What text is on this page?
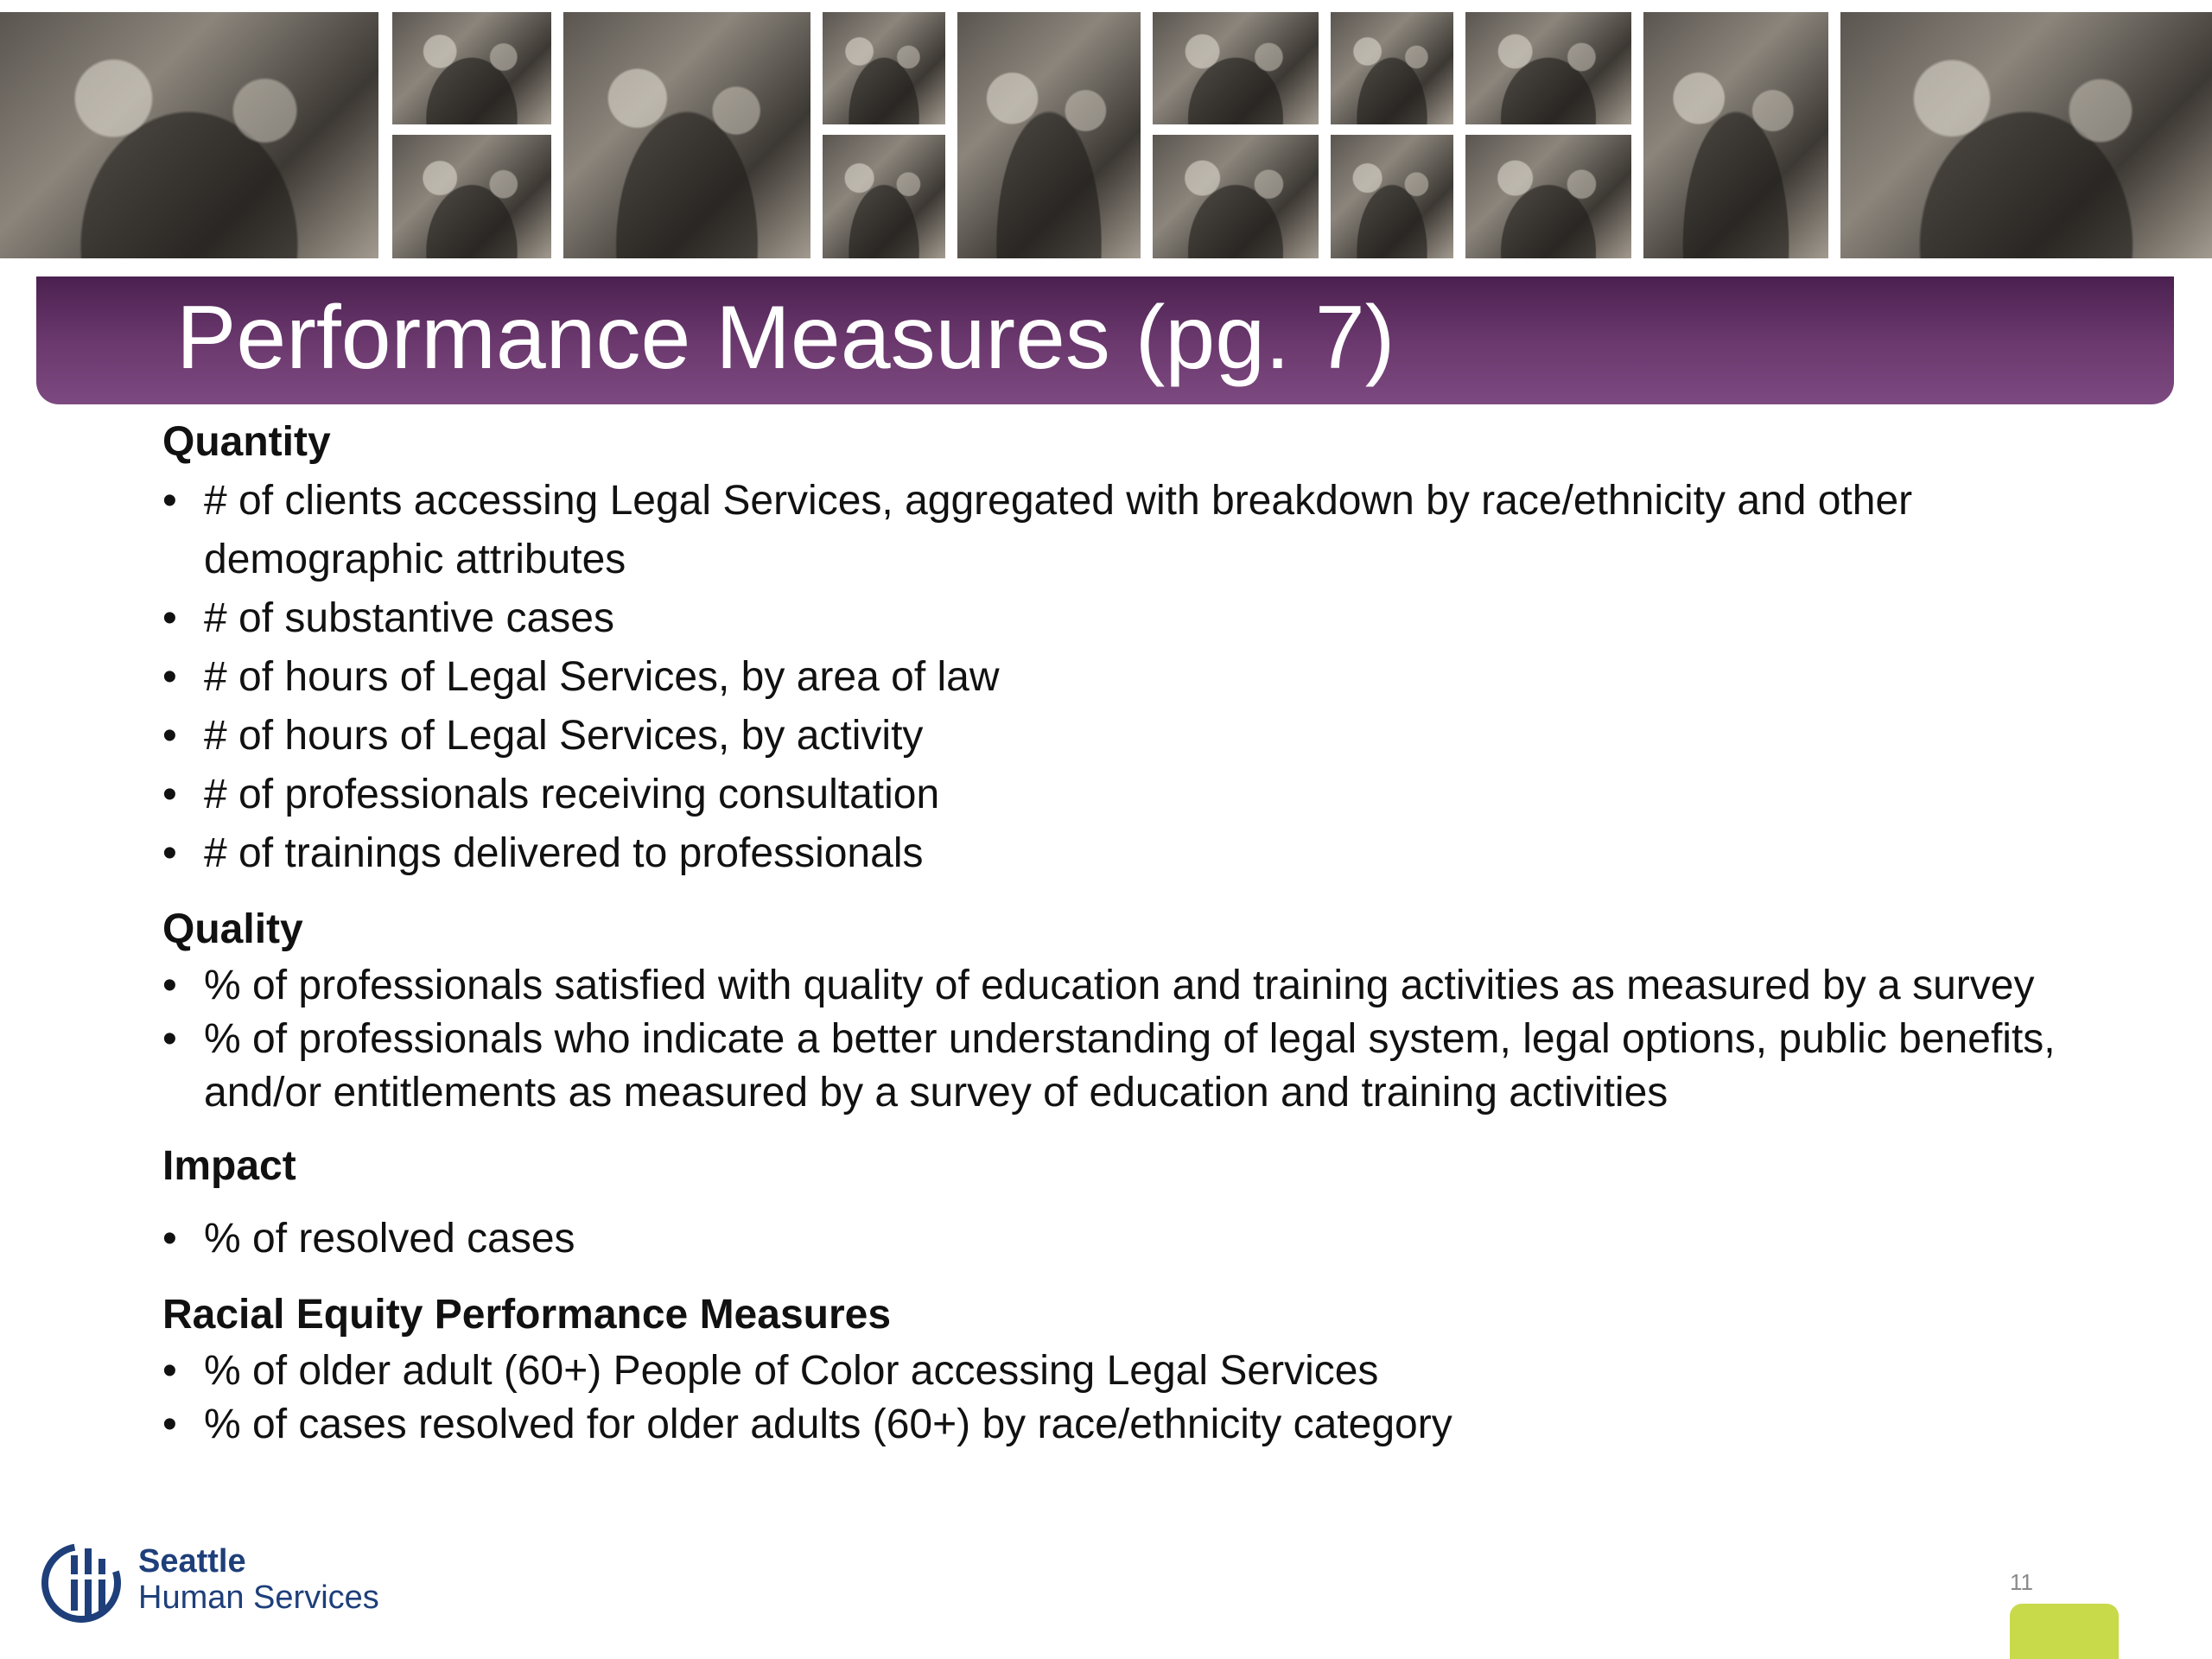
Performance Measures (pg. 7)

Quantity

• # of clients accessing Legal Services, aggregated with breakdown by race/ethnicity and other demographic attributes
• # of substantive cases
• # of hours of Legal Services, by area of law
• # of hours of Legal Services, by activity
• # of professionals receiving consultation
• # of trainings delivered to professionals

Quality

• % of professionals satisfied with quality of education and training activities as measured by a survey
• % of professionals who indicate a better understanding of legal system, legal options, public benefits, and/or entitlements as measured by a survey of education and training activities

Impact

• % of resolved cases

Racial Equity Performance Measures

• % of older adult (60+) People of Color accessing Legal Services
• % of cases resolved for older adults (60+) by race/ethnicity category
Seattle
Human Services	11
